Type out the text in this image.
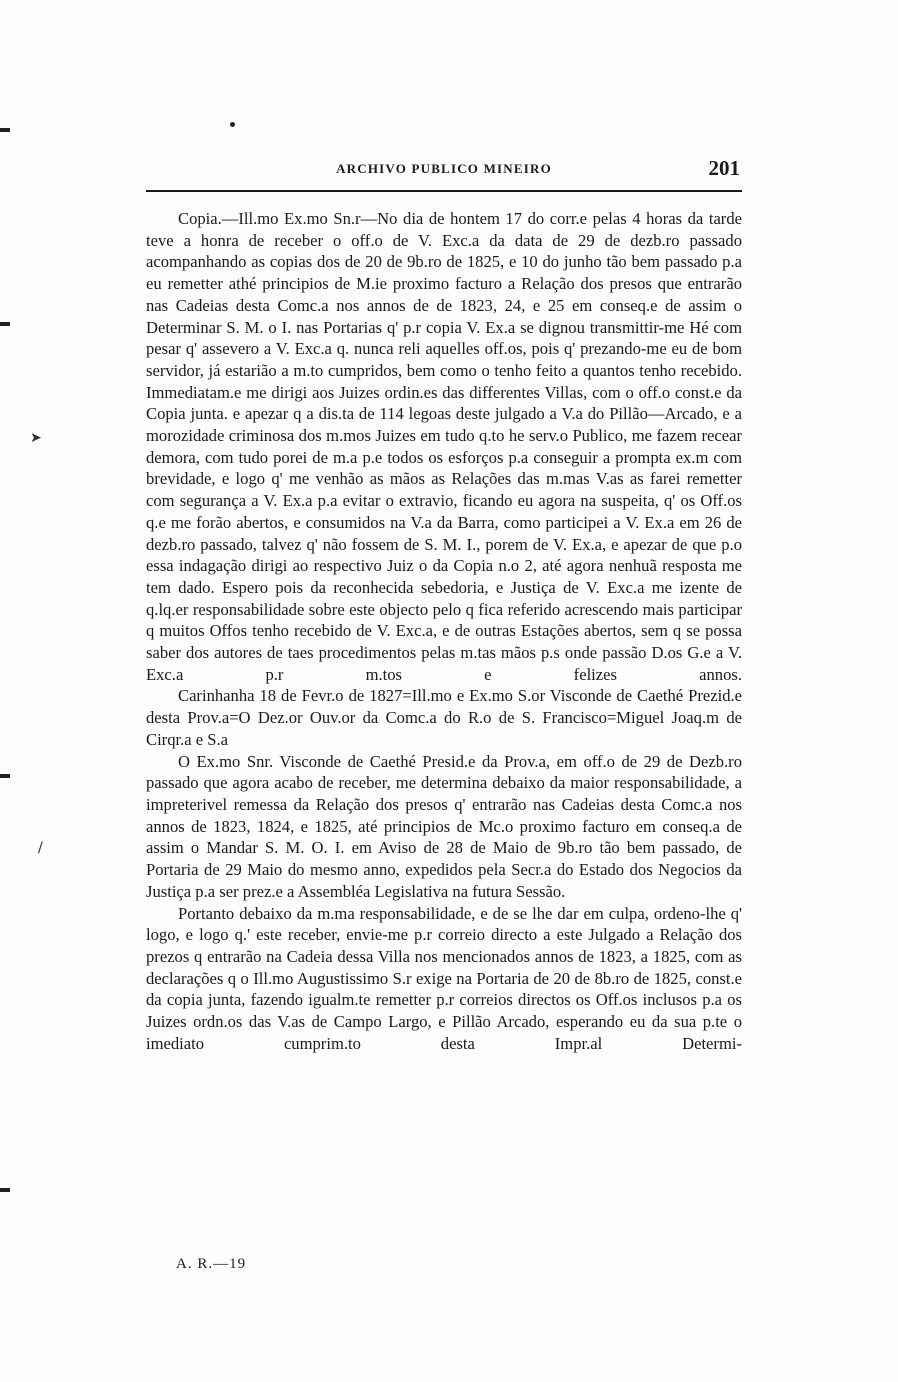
➤
/
ARCHIVO PUBLICO MINEIRO	201

Copia.—Ill.mo Ex.mo Sn.r—No dia de hontem 17 do corr.e pelas 4 horas da tarde teve a honra de receber o off.o de V. Exc.a da data de 29 de dezb.ro passado acompanhando as copias dos de 20 de 9b.ro de 1825, e 10 do junho tão bem passado p.a eu remetter athé principios de M.ie proximo facturo a Relação dos presos que entrarão nas Cadeias desta Comc.a nos annos de de 1823, 24, e 25 em conseq.e de assim o Determinar S. M. o I. nas Portarias q' p.r copia V. Ex.a se dignou transmittir-me Hé com pesar q' assevero a V. Exc.a q. nunca reli aquelles off.os, pois q' prezando-me eu de bom servidor, já estarião a m.to cumpridos, bem como o tenho feito a quantos tenho recebido. Immediatam.e me dirigi aos Juizes ordin.es das differentes Villas, com o off.o const.e da Copia junta. e apezar q a dis.ta de 114 legoas deste julgado a V.a do Pillão—Arcado, e a morozidade criminosa dos m.mos Juizes em tudo q.to he serv.o Publico, me fazem recear demora, com tudo porei de m.a p.e todos os esforços p.a conseguir a prompta ex.m com brevidade, e logo q' me venhão as mãos as Relações das m.mas V.as as farei remetter com segurança a V. Ex.a p.a evitar o extravio, ficando eu agora na suspeita, q' os Off.os q.e me forão abertos, e consumidos na V.a da Barra, como participei a V. Ex.a em 26 de dezb.ro passado, talvez q' não fossem de S. M. I., porem de V. Ex.a, e apezar de que p.o essa indagação dirigi ao respectivo Juiz o da Copia n.o 2, até agora nenhuã resposta me tem dado. Espero pois da reconhecida sebedoria, e Justiça de V. Exc.a me izente de q.lq.er responsabilidade sobre este objecto pelo q fica referido acrescendo mais participar q muitos Offos tenho recebido de V. Exc.a, e de outras Estações abertos, sem q se possa saber dos autores de taes procedimentos pelas m.tas mãos p.s onde passão D.os G.e a V. Exc.a p.r m.tos e felizes annos.

Carinhanha 18 de Fevr.o de 1827=Ill.mo e Ex.mo S.or Visconde de Caethé Prezid.e desta Prov.a=O Dez.or Ouv.or da Comc.a do R.o de S. Francisco=Miguel Joaq.m de Cirqr.a e S.a

O Ex.mo Snr. Visconde de Caethé Presid.e da Prov.a, em off.o de 29 de Dezb.ro passado que agora acabo de receber, me determina debaixo da maior responsabilidade, a impreterivel remessa da Relação dos presos q' entrarão nas Cadeias desta Comc.a nos annos de 1823, 1824, e 1825, até principios de Mc.o proximo facturo em conseq.a de assim o Mandar S. M. O. I. em Aviso de 28 de Maio de 9b.ro tão bem passado, de Portaria de 29 Maio do mesmo anno, expedidos pela Secr.a do Estado dos Negocios da Justiça p.a ser prez.e a Assembléa Legislativa na futura Sessão.

Portanto debaixo da m.ma responsabilidade, e de se lhe dar em culpa, ordeno-lhe q' logo, e logo q.' este receber, envie-me p.r correio directo a este Julgado a Relação dos prezos q entrarão na Cadeia dessa Villa nos mencionados annos de 1823, a 1825, com as declarações q o Ill.mo Augustissimo S.r exige na Portaria de 20 de 8b.ro de 1825, const.e da copia junta, fazendo igualm.te remetter p.r correios directos os Off.os inclusos p.a os Juizes ordn.os das V.as de Campo Largo, e Pillão Arcado, esperando eu da sua p.te o imediato cumprim.to desta Impr.al Determi-

A. R.—19
